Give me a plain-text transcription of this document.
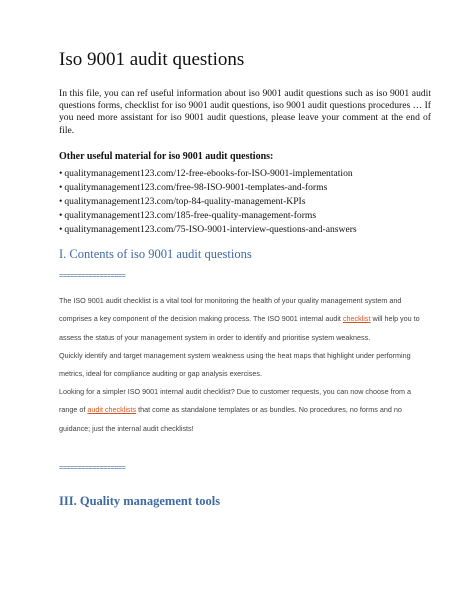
Iso 9001 audit questions

In this file, you can ref useful information about iso 9001 audit questions such as iso 9001 audit questions forms, checklist for iso 9001 audit questions, iso 9001 audit questions procedures … If you need more assistant for iso 9001 audit questions, please leave your comment at the end of file.

Other useful material for iso 9001 audit questions:

• qualitymanagement123.com/12-free-ebooks-for-ISO-9001-implementation
• qualitymanagement123.com/free-98-ISO-9001-templates-and-forms
• qualitymanagement123.com/top-84-quality-management-KPIs
• qualitymanagement123.com/185-free-quality-management-forms
• qualitymanagement123.com/75-ISO-9001-interview-questions-and-answers
I. Contents of iso 9001 audit questions
==================

The ISO 9001 audit checklist is a vital tool for monitoring the health of your quality management system and comprises a key component of the decision making process. The ISO 9001 internal audit checklist will help you to assess the status of your management system in order to identify and prioritise system weakness.
Quickly identify and target management system weakness using the heat maps that highlight under performing metrics, ideal for compliance auditing or gap analysis exercises.

Looking for a simpler ISO 9001 internal audit checklist? Due to customer requests, you can now choose from a range of audit checklists that come as standalone templates or as bundles. No procedures, no forms and no guidance; just the internal audit checklists!

==================
III. Quality management tools
